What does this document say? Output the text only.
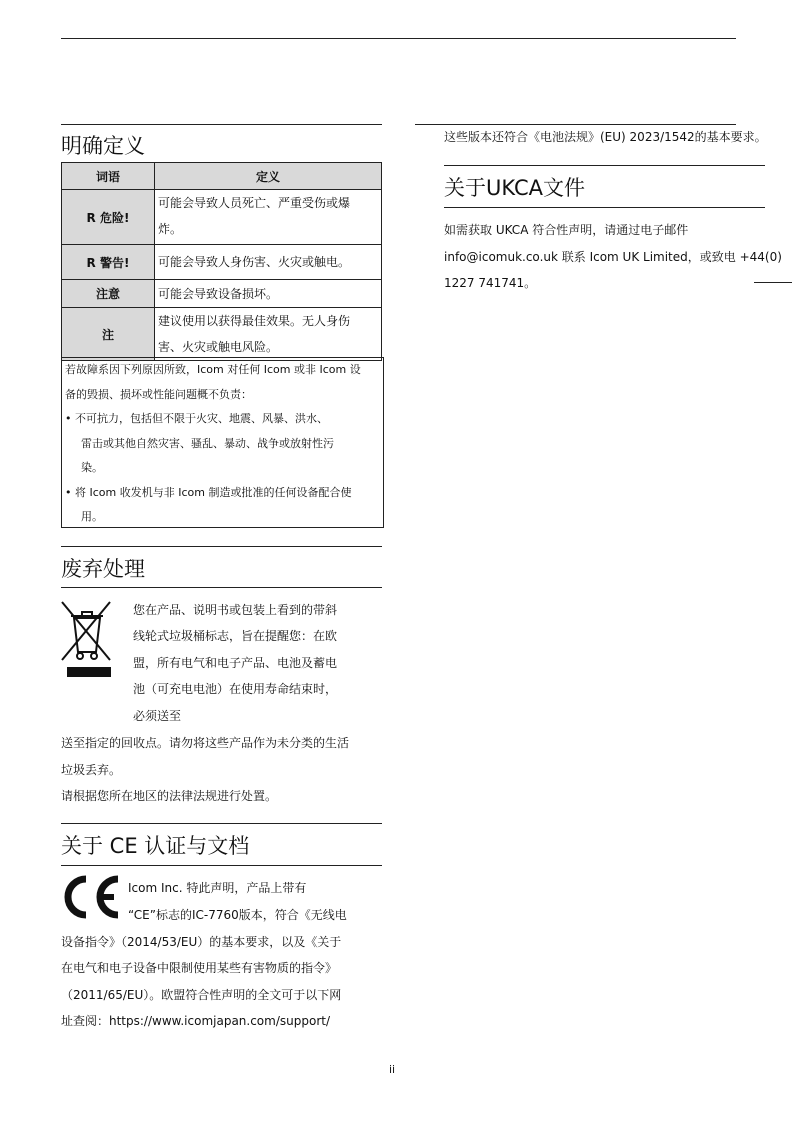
明确定义
词语	定义
R 危险!	可能会导致人员死亡、严重受伤或爆
炸。

R 警告!	可能会导致人身伤害、火灾或触电。

注意	可能会导致设备损坏。

注	建议使用以获得最佳效果。无人身伤
害、火灾或触电风险。
若故障系因下列原因所致，Icom 对任何 Icom 或非 Icom 设
备的毁损、损坏或性能问题概不负责：
• 不可抗力，包括但不限于火灾、地震、风暴、洪水、
雷击或其他自然灾害、骚乱、暴动、战争或放射性污
染。
• 将 Icom 收发机与非 Icom 制造或批准的任何设备配合使
用。
废弃处理
您在产品、说明书或包装上看到的带斜
线轮式垃圾桶标志，旨在提醒您：在欧
盟，所有电气和电子产品、电池及蓄电
池（可充电电池）在使用寿命结束时，
必须送至
送至指定的回收点。请勿将这些产品作为未分类的生活
垃圾丢弃。
请根据您所在地区的法律法规进行处置。
关于 CE 认证与文档
Icom Inc. 特此声明，产品上带有
“CE”标志的IC-7760版本，符合《无线电
设备指令》（2014/53/EU）的基本要求，以及《关于
在电气和电子设备中限制使用某些有害物质的指令》
（2011/65/EU）。欧盟符合性声明的全文可于以下网
址查阅：https://www.icomjapan.com/support/
这些版本还符合《电池法规》(EU) 2023/1542的基本要求。
关于UKCA文件
如需获取 UKCA 符合性声明，请通过电子邮件
info@icomuk.co.uk 联系 Icom UK Limited，或致电 +44(0)
1227 741741。
ii
